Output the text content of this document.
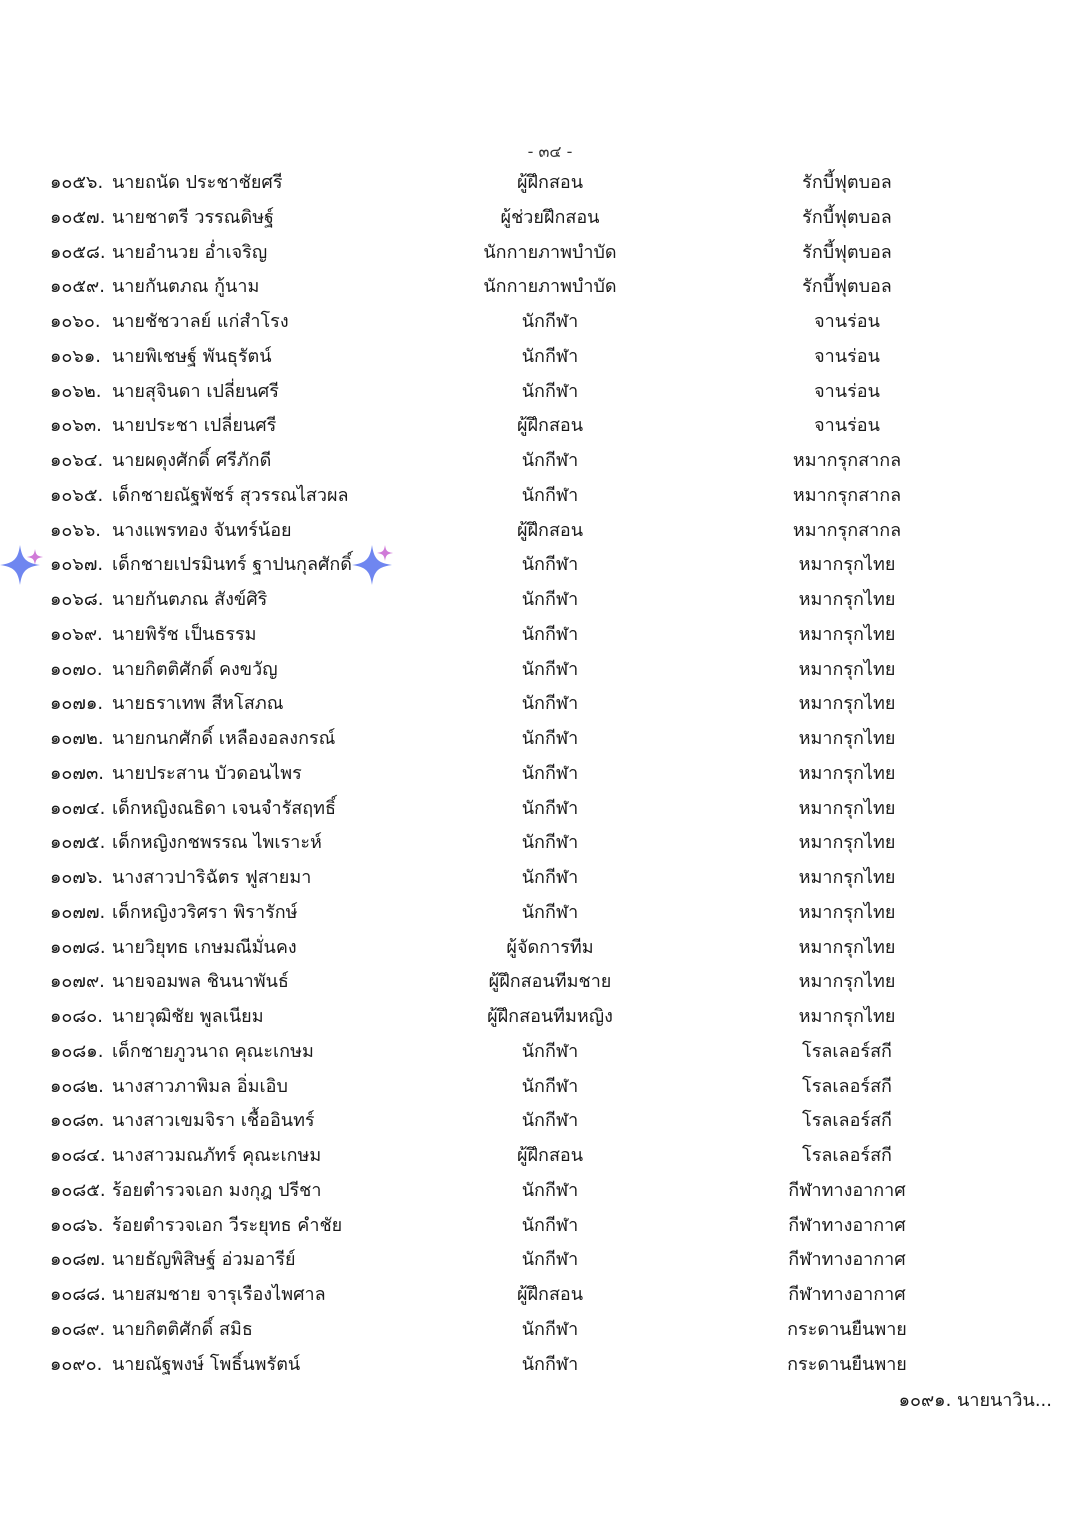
- ๓๔ -
๑๐๕๖. นายถนัด ประชาชัยศรี	ผู้ฝึกสอน	รักบี้ฟุตบอล
๑๐๕๗. นายชาตรี วรรณดิษฐ์	ผู้ช่วยฝึกสอน	รักบี้ฟุตบอล
๑๐๕๘. นายอำนวย อ่ำเจริญ	นักกายภาพบำบัด	รักบี้ฟุตบอล
๑๐๕๙. นายกันตภณ กู้นาม	นักกายภาพบำบัด	รักบี้ฟุตบอล
๑๐๖๐. นายชัชวาลย์ แก่สำโรง	นักกีฬา	จานร่อน
๑๐๖๑. นายพิเชษฐ์ พันธุรัตน์	นักกีฬา	จานร่อน
๑๐๖๒. นายสุจินดา เปลี่ยนศรี	นักกีฬา	จานร่อน
๑๐๖๓. นายประชา เปลี่ยนศรี	ผู้ฝึกสอน	จานร่อน
๑๐๖๔. นายผดุงศักดิ์ ศรีภักดี	นักกีฬา	หมากรุกสากล
๑๐๖๕. เด็กชายณัฐพัชร์ สุวรรณไสวผล	นักกีฬา	หมากรุกสากล
๑๐๖๖. นางแพรทอง จันทร์น้อย	ผู้ฝึกสอน	หมากรุกสากล
๑๐๖๗. เด็กชายเปรมินทร์ ฐาปนกุลศักดิ์	นักกีฬา	หมากรุกไทย
๑๐๖๘. นายกันตภณ สังข์ศิริ	นักกีฬา	หมากรุกไทย
๑๐๖๙. นายพิรัช เป็นธรรม	นักกีฬา	หมากรุกไทย
๑๐๗๐. นายกิตติศักดิ์ คงขวัญ	นักกีฬา	หมากรุกไทย
๑๐๗๑. นายธราเทพ สีหโสภณ	นักกีฬา	หมากรุกไทย
๑๐๗๒. นายกนกศักดิ์ เหลืองอลงกรณ์	นักกีฬา	หมากรุกไทย
๑๐๗๓. นายประสาน บัวดอนไพร	นักกีฬา	หมากรุกไทย
๑๐๗๔. เด็กหญิงณธิดา เจนจำรัสฤทธิ์	นักกีฬา	หมากรุกไทย
๑๐๗๕. เด็กหญิงกชพรรณ ไพเราะห์	นักกีฬา	หมากรุกไทย
๑๐๗๖. นางสาวปาริฉัตร ฟูสายมา	นักกีฬา	หมากรุกไทย
๑๐๗๗. เด็กหญิงวริศรา พิรารักษ์	นักกีฬา	หมากรุกไทย
๑๐๗๘. นายวิยุทธ เกษมณีมั่นคง	ผู้จัดการทีม	หมากรุกไทย
๑๐๗๙. นายจอมพล ชินนาพันธ์	ผู้ฝึกสอนทีมชาย	หมากรุกไทย
๑๐๘๐. นายวุฒิชัย พูลเนียม	ผู้ฝึกสอนทีมหญิง	หมากรุกไทย
๑๐๘๑. เด็กชายภูวนาถ คุณะเกษม	นักกีฬา	โรลเลอร์สกี
๑๐๘๒. นางสาวภาพิมล อิ่มเอิบ	นักกีฬา	โรลเลอร์สกี
๑๐๘๓. นางสาวเขมจิรา เชื้ออินทร์	นักกีฬา	โรลเลอร์สกี
๑๐๘๔. นางสาวมณภัทร์ คุณะเกษม	ผู้ฝึกสอน	โรลเลอร์สกี
๑๐๘๕. ร้อยตำรวจเอก มงกุฎ ปรีชา	นักกีฬา	กีฬาทางอากาศ
๑๐๘๖. ร้อยตำรวจเอก วีระยุทธ คำชัย	นักกีฬา	กีฬาทางอากาศ
๑๐๘๗. นายธัญพิสิษฐ์ อ่วมอารีย์	นักกีฬา	กีฬาทางอากาศ
๑๐๘๘. นายสมชาย จารุเรืองไพศาล	ผู้ฝึกสอน	กีฬาทางอากาศ
๑๐๘๙. นายกิตติศักดิ์ สมิธ	นักกีฬา	กระดานยืนพาย
๑๐๙๐. นายณัฐพงษ์ โพธิ์นพรัตน์	นักกีฬา	กระดานยืนพาย
๑๐๙๑. นายนาวิน...
